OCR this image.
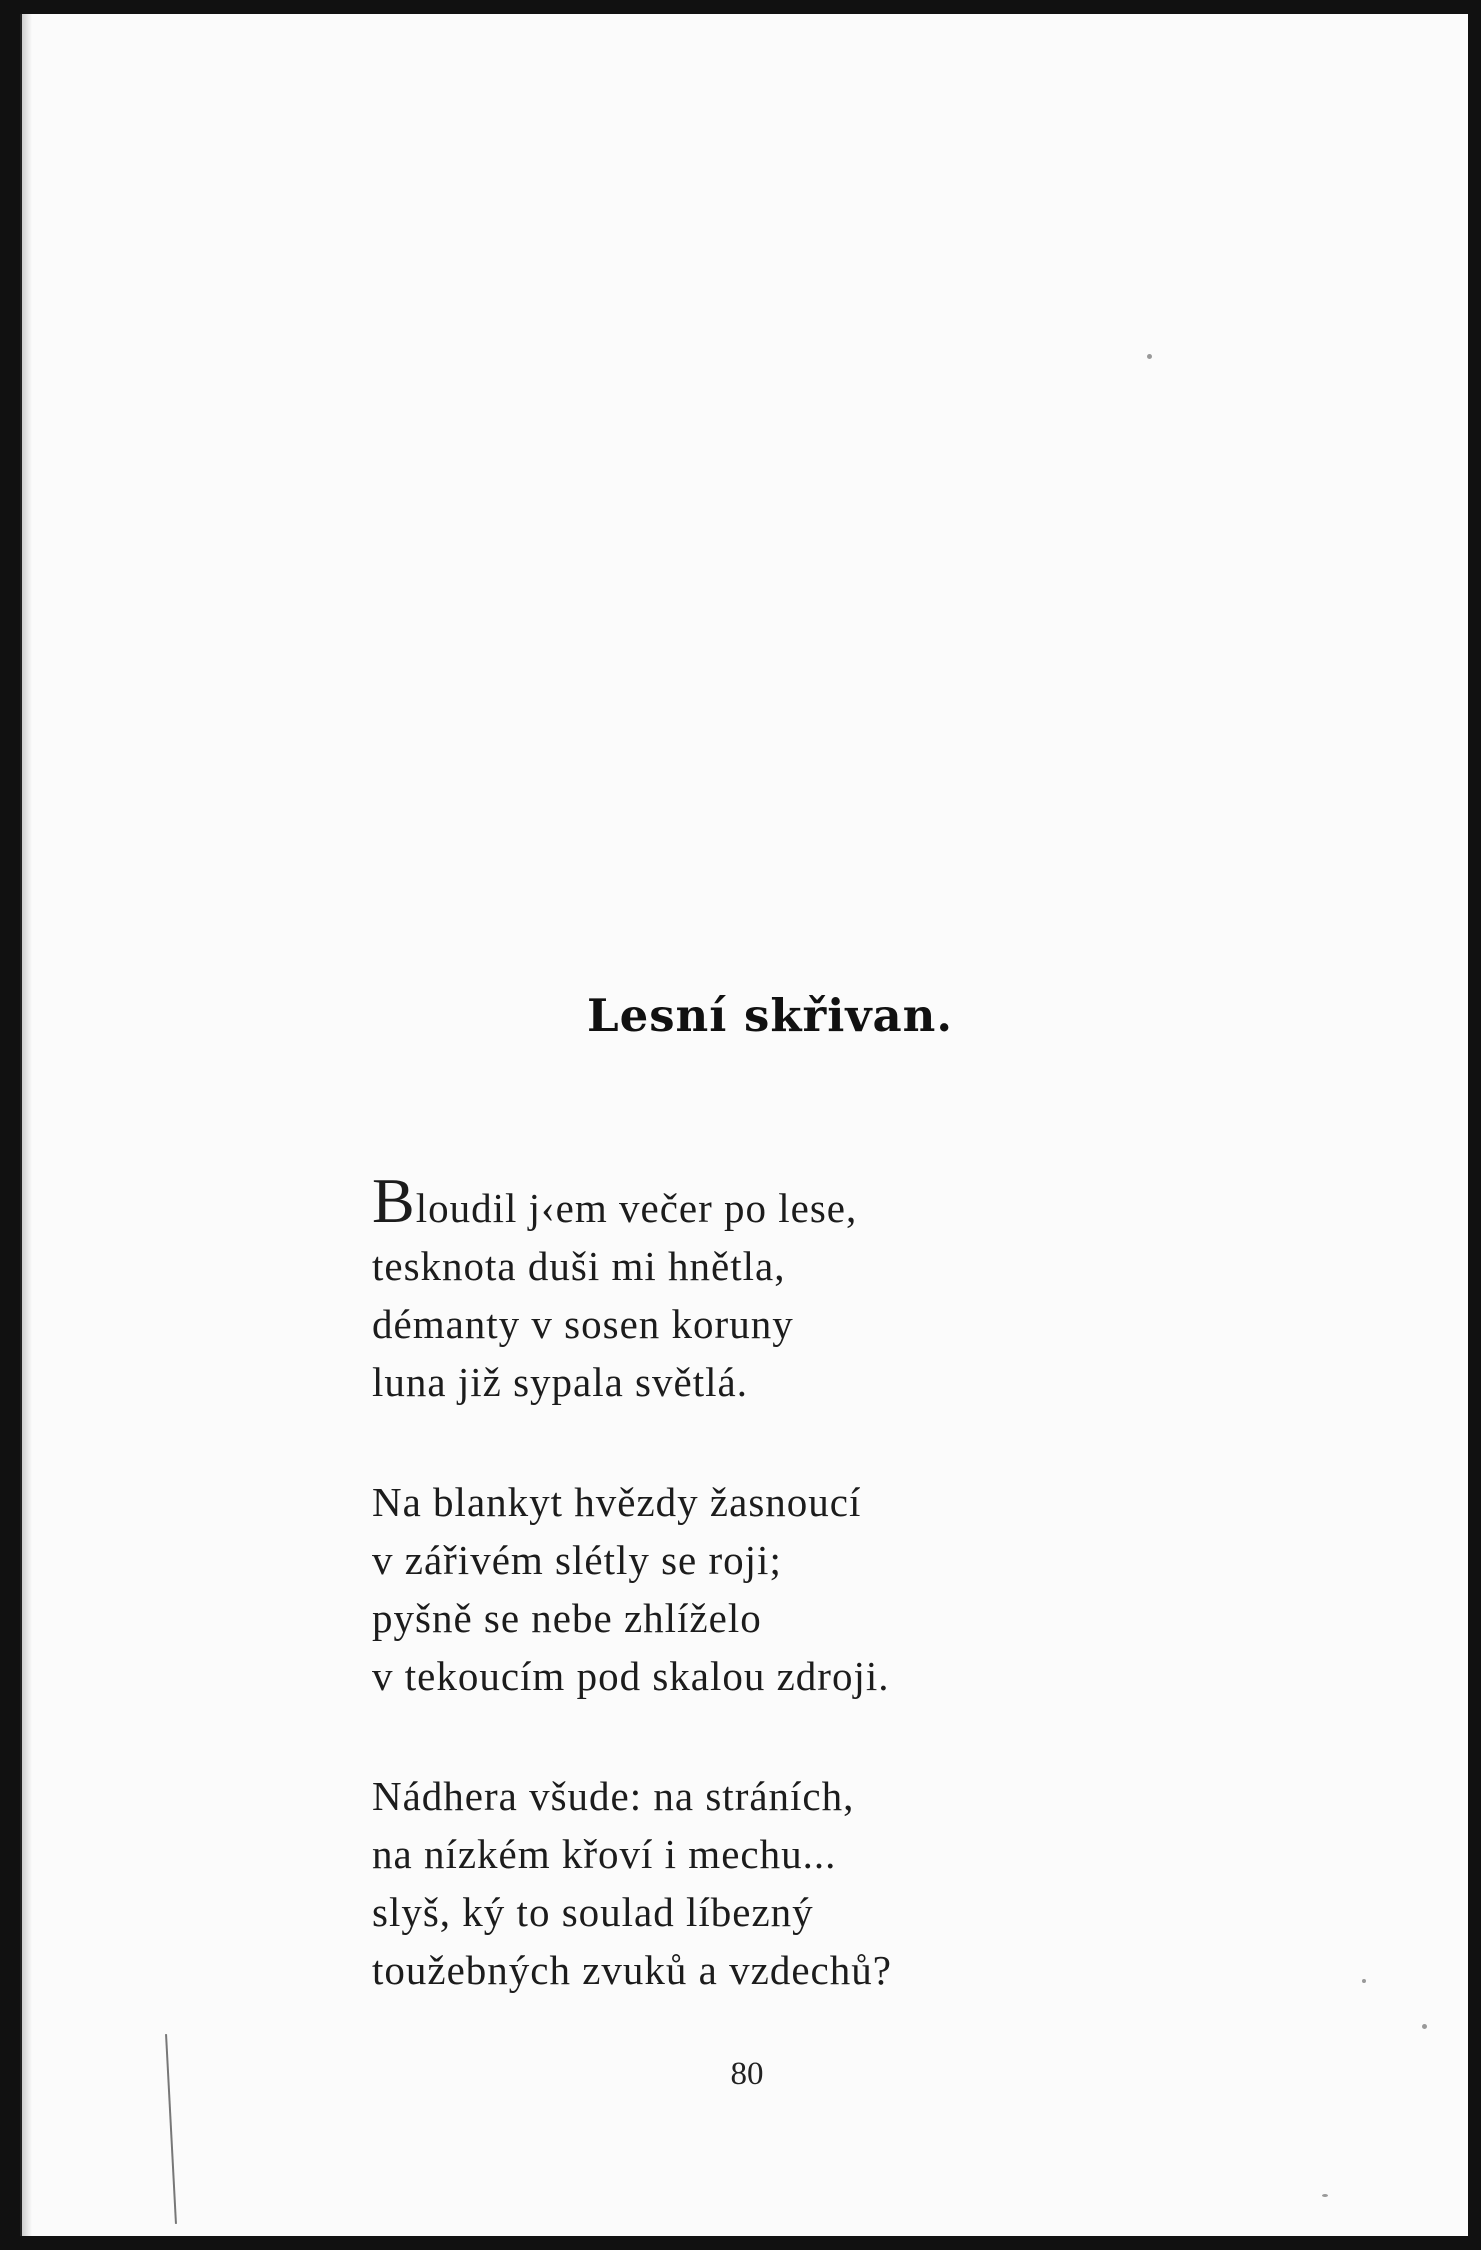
Lesní skřivan.
Bloudil j‹em večer po lese,
tesknota duši mi hnětla,
démanty v sosen koruny
luna již sypala světlá.
Na blankyt hvězdy žasnoucí
v zářivém slétly se roji;
pyšně se nebe zhlíželo
v tekoucím pod skalou zdroji.
Nádhera všude: na stráních,
na nízkém křoví i mechu...
slyš, ký to soulad líbezný
toužebných zvuků a vzdechů?
80
